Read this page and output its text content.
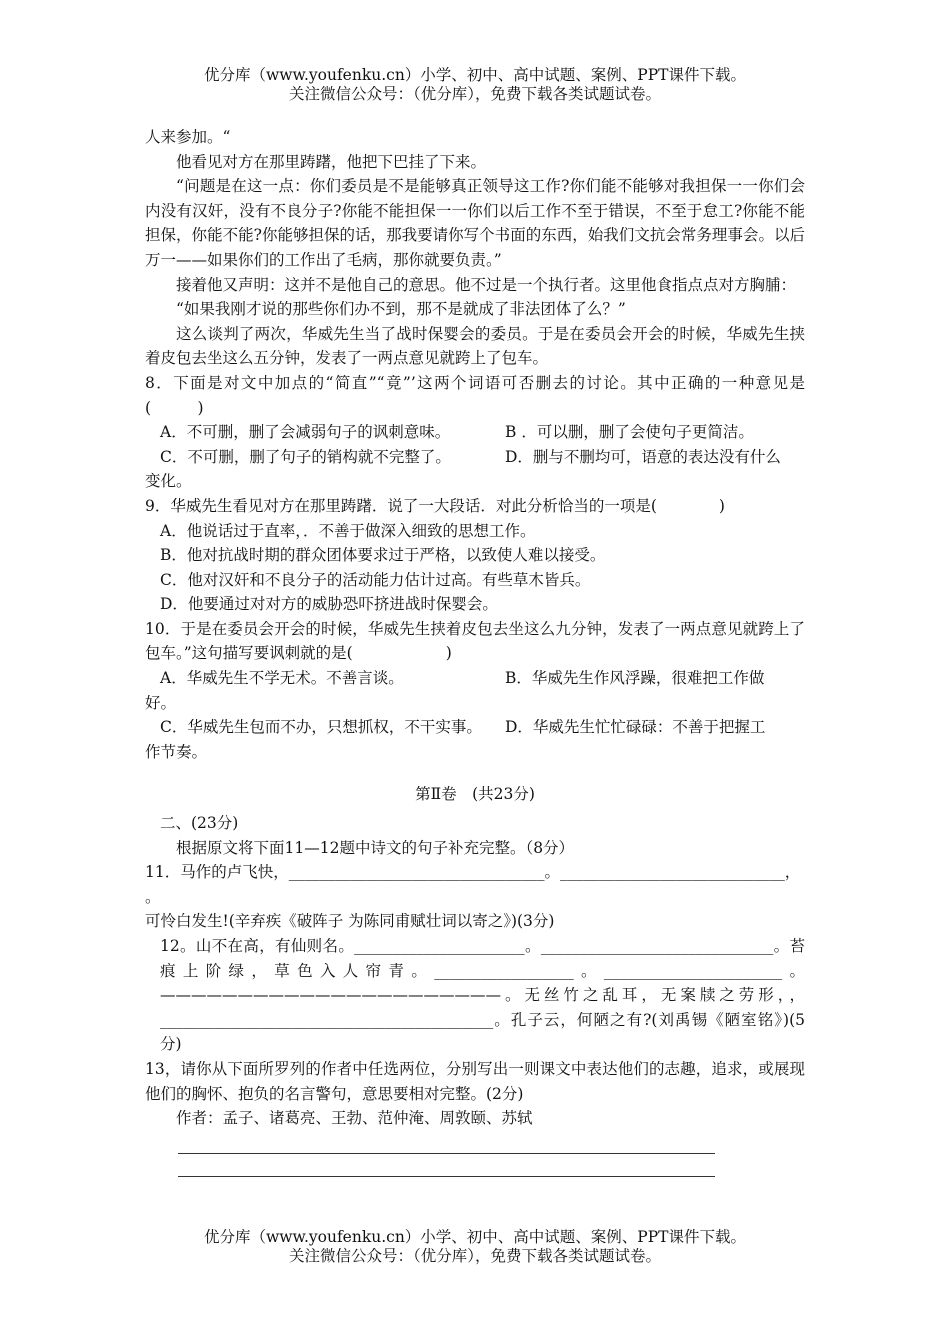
优分库（www.youfenku.cn）小学、初中、高中试题、案例、PPT课件下载。
关注微信公众号：（优分库），免费下载各类试题试卷。

人来参加。“

他看见对方在那里踌躇，他把下巴挂了下来。

“问题是在这一点：你们委员是不是能够真正领导这工作?你们能不能够对我担保一一你们会内没有汉奸，没有不良分子?你能不能担保一一你们以后工作不至于错误，不至于怠工?你能不能担保，你能不能?你能够担保的话，那我要请你写个书面的东西，始我们文抗会常务理事会。以后万一——如果你们的工作出了毛病，那你就要负责。”

接着他又声明：这并不是他自己的意思。他不过是一个执行者。这里他食指点点对方胸脯：

“如果我刚才说的那些你们办不到，那不是就成了非法团体了么？”

这么谈判了两次，华威先生当了战时保婴会的委员。于是在委员会开会的时候，华威先生挟着皮包去坐这么五分钟，发表了一两点意见就跨上了包车。

8．下面是对文中加点的“简直”“竟”’这两个词语可否删去的讨论。其中正确的一种意见是(　　　)

A．不可删，删了会减弱句子的讽刺意味。	B ．可以删，删了会使句子更简洁。

C．不可删，删了句子的销构就不完整了。	D．删与不删均可，语意的表达没有什么

变化。

9．华威先生看见对方在那里踌躇．说了一大段话．对此分析恰当的一项是(　　　　)

A．他说话过于直率，．不善于做深入细致的思想工作。

B．他对抗战时期的群众团体要求过于严格，以致使人难以接受。

C．他对汉奸和不良分子的活动能力估计过高。有些草木皆兵。

D．他要通过对对方的威胁恐吓挤进战时保婴会。

10．于是在委员会开会的时候，华威先生挟着皮包去坐这么九分钟，发表了一两点意见就跨上了包车。”这句描写要讽刺就的是(　　　　　　)

A．华威先生不学无术。不善言谈。	B．华威先生作风浮躁，很难把工作做

好。

C．华威先生包而不办，只想抓权，不干实事。	D．华威先生忙忙碌碌：不善于把握工

作节奏。

第Ⅱ卷　(共23分)

二、(23分)

根据原文将下面11—12题中诗文的句子补充完整。（8分）

11．马作的卢飞快，_________________________________。_____________________________，

。

可怜白发生!(辛弃疾《破阵子 为陈同甫赋壮词以寄之》)(3分)

12。山不在高，有仙则名。______________________。______________________________。苔痕上阶绿，草色入人帘青。__________________。_______________________。——————————————————————。无丝竹之乱耳，无案牍之劳形，，___________________________________________。孔子云，何陋之有?(刘禹锡《陋室铭》)(5分)

13，请你从下面所罗列的作者中任选两位，分别写出一则课文中表达他们的志趣，追求，或展现他们的胸怀、抱负的名言警句，意思要相对完整。(2分)

作者：孟子、诸葛亮、王勃、范仲淹、周敦颐、苏轼

优分库（www.youfenku.cn）小学、初中、高中试题、案例、PPT课件下载。
关注微信公众号：（优分库），免费下载各类试题试卷。
